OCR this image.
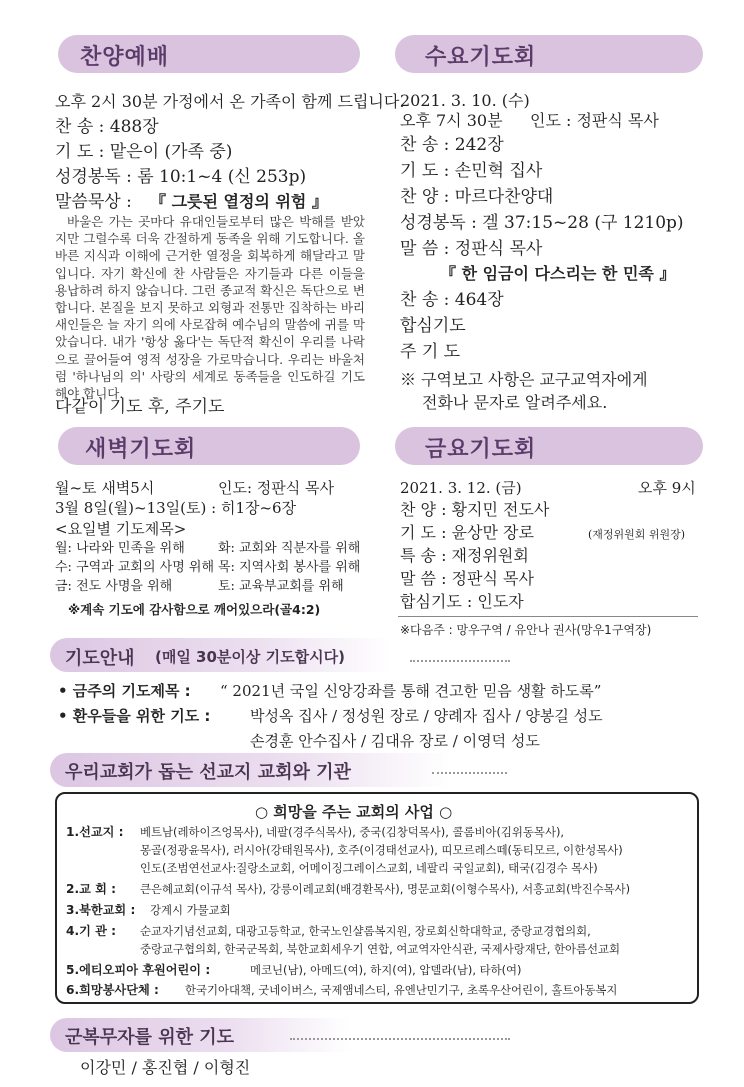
찬양예배
오후 2시 30분 가정에서 온 가족이 함께 드립니다.
찬 송 : 488장
기 도 : 맡은이 (가족 중)
성경봉독 : 롬 10:1~4 (신 253p)
말씀묵상 : 『 그릇된 열정의 위험 』
바울은 가는 곳마다 유대인들로부터 많은 박해를 받았지만 그럴수록 더욱 간절하게 동족을 위해 기도합니다. 올바른 지식과 이해에 근거한 열정을 회복하게 해달라고 말입니다. 자기 확신에 찬 사람들은 자기들과 다른 이들을 용납하려 하지 않습니다. 그런 종교적 확신은 독단으로 변합니다. 본질을 보지 못하고 외형과 전통만 집착하는 바리새인들은 늘 자기 의에 사로잡혀 예수님의 말씀에 귀를 막았습니다. 내가 '항상 옳다'는 독단적 확신이 우리를 나락으로 끌어들여 영적 성장을 가로막습니다. 우리는 바울처럼 '하나님의 의' 사랑의 세계로 동족들을 인도하길 기도해야 합니다.
다같이 기도 후, 주기도
수요기도회
2021. 3. 10. (수)
오후 7시 30분 인도 : 정판식 목사
찬 송 : 242장
기 도 : 손민혁 집사
찬 양 : 마르다찬양대
성경봉독 : 겔 37:15~28 (구 1210p)
말 씀 : 정판식 목사
『 한 임금이 다스리는 한 민족 』
찬 송 : 464장
합심기도
주 기 도
※ 구역보고 사항은 교구교역자에게
전화나 문자로 알려주세요.
새벽기도회
월~토 새벽5시	인도: 정판식 목사
3월 8일(월)~13일(토) : 히1장~6장
<요일별 기도제목>
월: 나라와 민족을 위해	화: 교회와 직분자를 위해
수: 구역과 교회의 사명 위해 목: 지역사회 봉사를 위해
금: 전도 사명을 위해	토: 교육부교회를 위해
※계속 기도에 감사함으로 깨어있으라(골4:2)
금요기도회
2021. 3. 12. (금)	오후 9시
찬 양 : 황지민 전도사
기 도 : 윤상만 장로	(재정위원회 위원장)
특 송 : 재정위원회
말 씀 : 정판식 목사
합심기도 : 인도자
※다음주 : 망우구역 / 유안나 권사(망우1구역장)
기도안내 (매일 30분이상 기도합시다)
• 금주의 기도제목 : “ 2021년 국일 신앙강좌를 통해 견고한 믿음 생활 하도록”
• 환우들을 위한 기도 :	박성옥 집사 / 정성원 장로 / 양례자 집사 / 양봉길 성도
손경훈 안수집사 / 김대유 장로 / 이영덕 성도
우리교회가 돕는 선교지 교회와 기관
○ 희망을 주는 교회의 사업 ○
1.선교지 : 베트남(레하이즈엉목사), 네팔(경주식목사), 중국(김창덕목사), 콜롬비아(김위동목사),
몽골(정광윤목사), 러시아(강태원목사), 호주(이경태선교사), 띠모르레스떼(동티모르, 이한성목사)
인도(조범연선교사:질랑소교회, 어메이징그레이스교회, 네팔리 국일교회), 태국(김경수 목사)
2.교 회 : 큰은혜교회(이규석 목사), 강릉이레교회(배경환목사), 명문교회(이형수목사), 서흥교회(박진수목사)
3.북한교회 : 강계시 가물교회
4.기 관 : 순교자기념선교회, 대광고등학교, 한국노인샬롬복지원, 장로회신학대학교, 중랑교경협의회,
중랑교구협의회, 한국군목회, 북한교회세우기 연합, 여교역자안식관, 국제사랑재단, 한아름선교회
5.에티오피아 후원어린이 :	메코닌(남), 아메드(여), 하지(여), 압델라(남), 타하(여)
6.희망봉사단체 : 한국기아대책, 굿네이버스, 국제앰네스티, 유엔난민기구, 초록우산어린이, 홀트아동복지
군복무자를 위한 기도
이강민 / 홍진협 / 이형진
